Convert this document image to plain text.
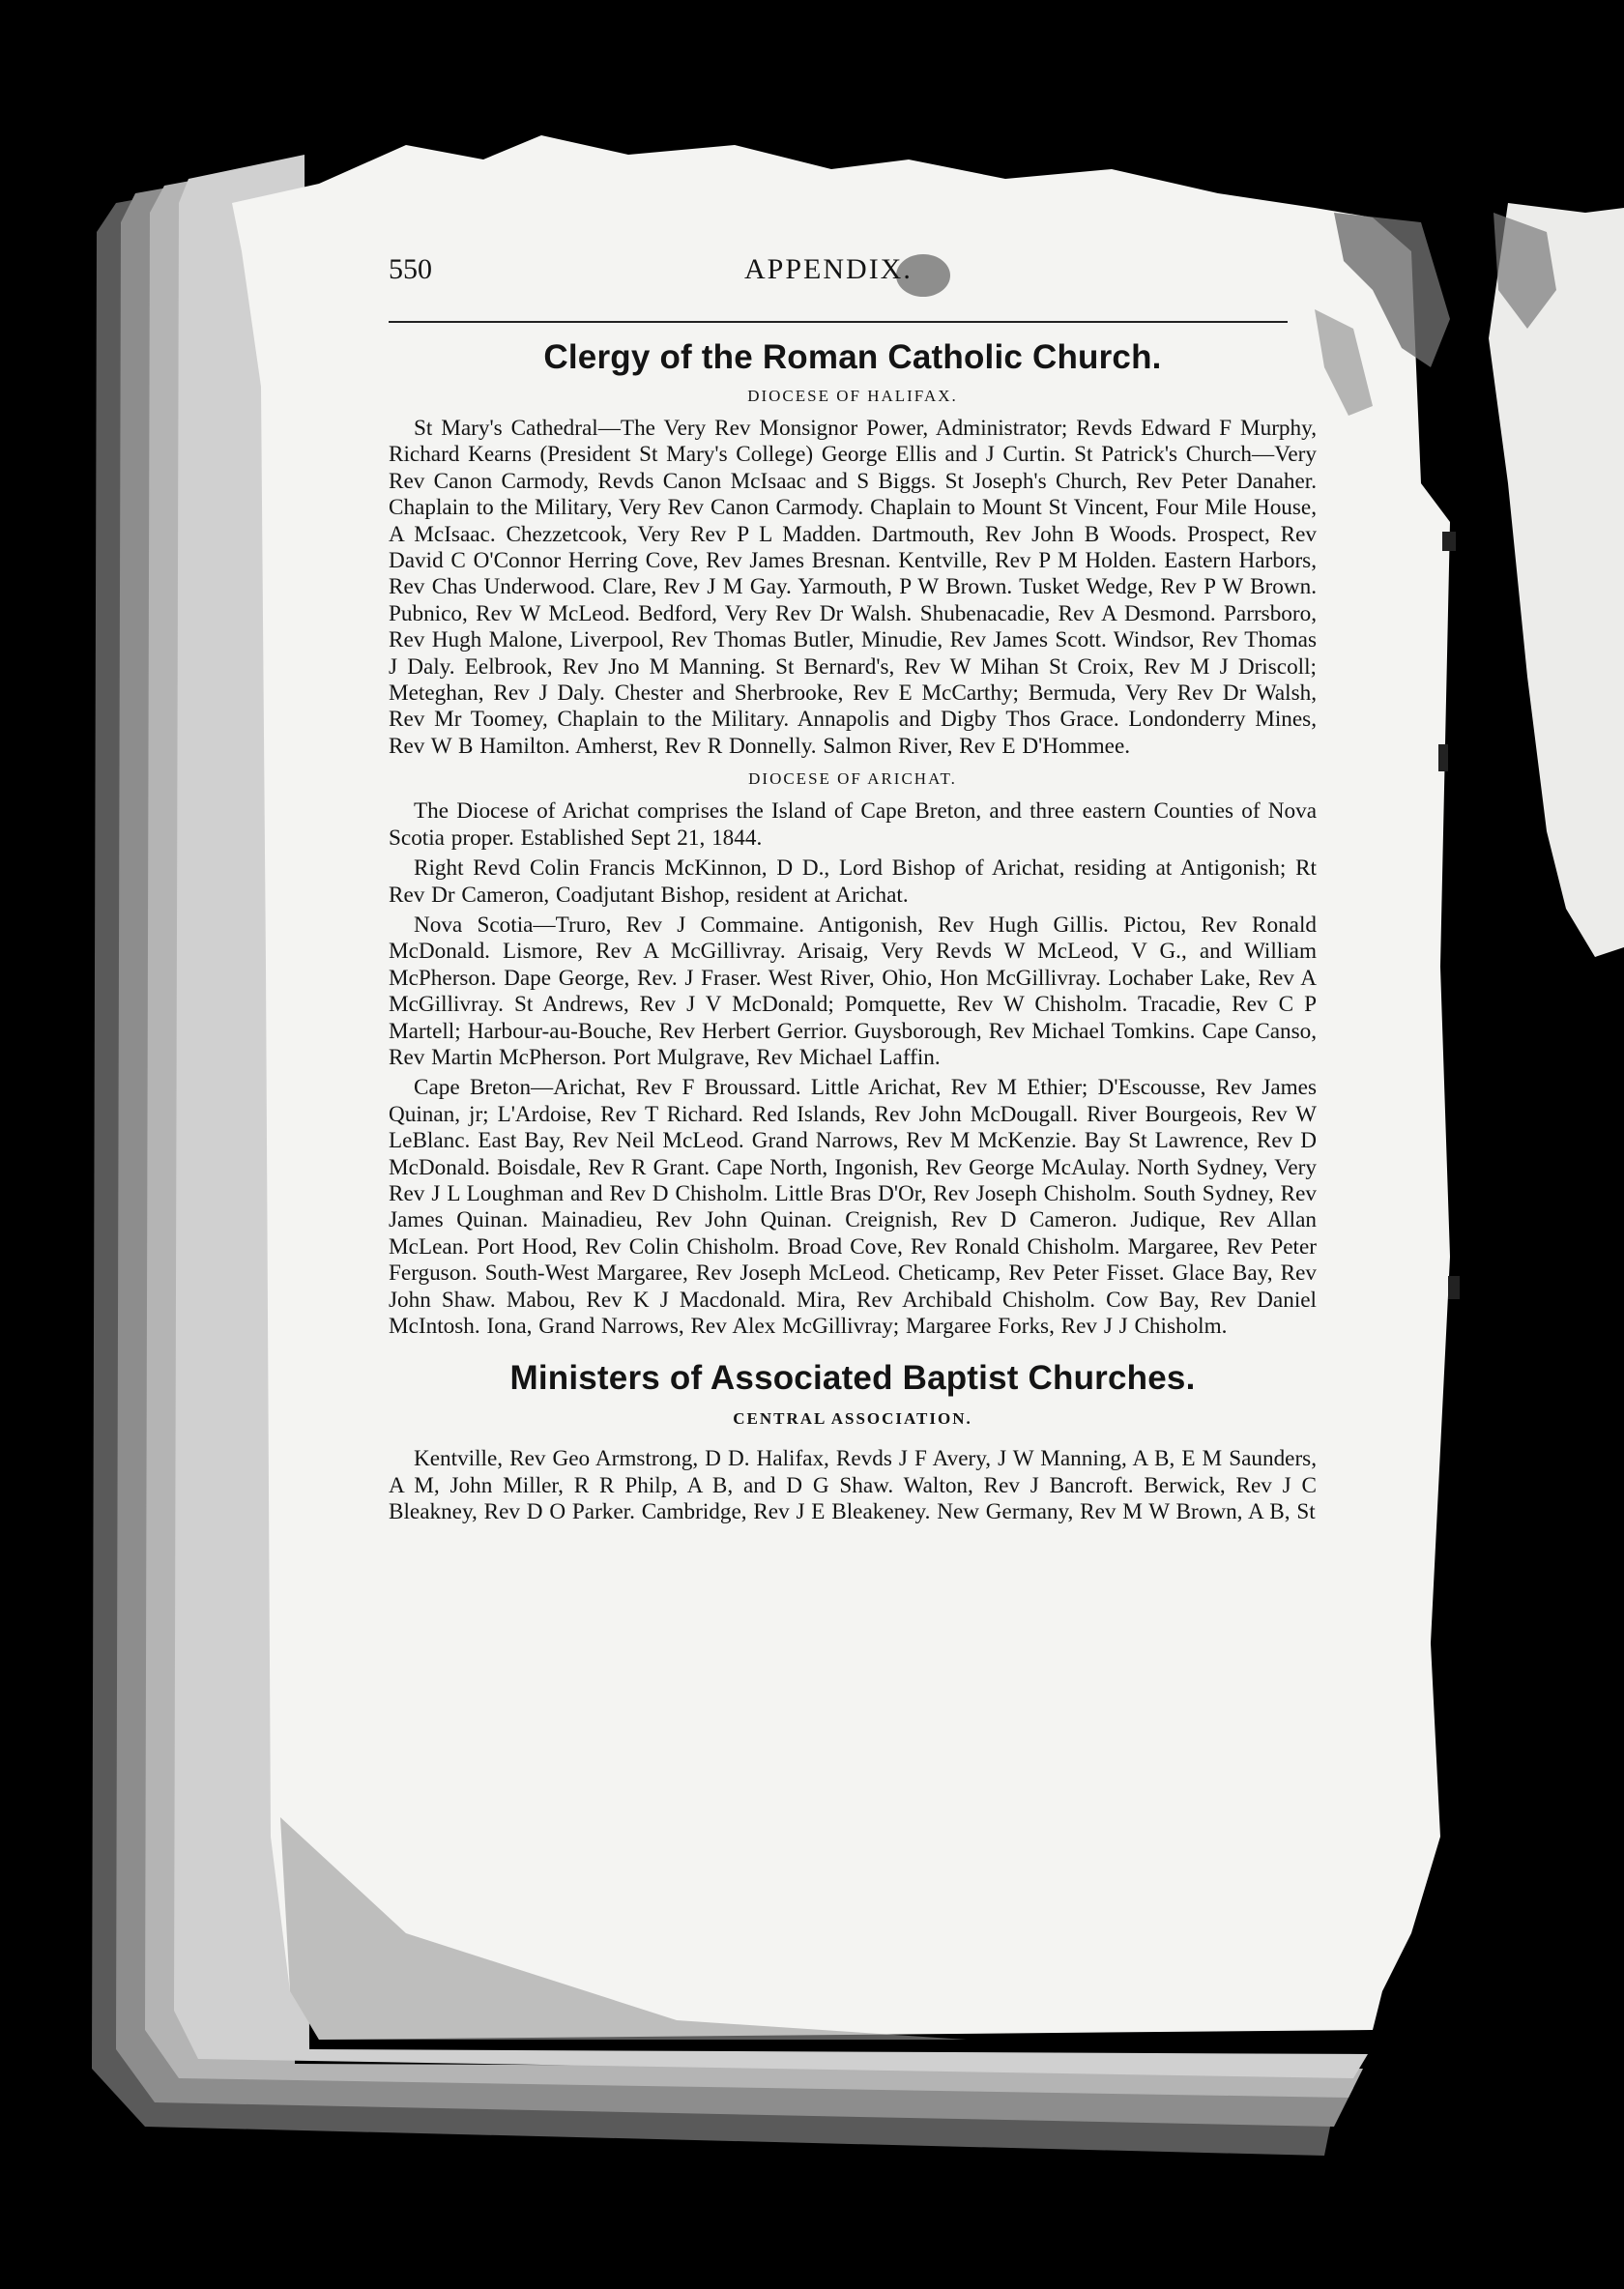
550	APPENDIX.
Clergy of the Roman Catholic Church.

DIOCESE OF HALIFAX.

St Mary's Cathedral—The Very Rev Monsignor Power, Administrator; Revds Edward F Murphy, Richard Kearns (President St Mary's College) George Ellis and J Curtin. St Patrick's Church—Very Rev Canon Carmody, Revds Canon McIsaac and S Biggs. St Joseph's Church, Rev Peter Danaher. Chaplain to the Military, Very Rev Canon Carmody. Chaplain to Mount St Vincent, Four Mile House, A McIsaac. Chezzetcook, Very Rev P L Madden. Dartmouth, Rev John B Woods. Prospect, Rev David C O'Connor Herring Cove, Rev James Bresnan. Kentville, Rev P M Holden. Eastern Harbors, Rev Chas Underwood. Clare, Rev J M Gay. Yarmouth, P W Brown. Tusket Wedge, Rev P W Brown. Pubnico, Rev W McLeod. Bedford, Very Rev Dr Walsh. Shubenacadie, Rev A Desmond. Parrsboro, Rev Hugh Malone, Liverpool, Rev Thomas Butler, Minudie, Rev James Scott. Windsor, Rev Thomas J Daly. Eelbrook, Rev Jno M Manning. St Bernard's, Rev W Mihan St Croix, Rev M J Driscoll; Meteghan, Rev J Daly. Chester and Sherbrooke, Rev E McCarthy; Bermuda, Very Rev Dr Walsh, Rev Mr Toomey, Chaplain to the Military. Annapolis and Digby Thos Grace. Londonderry Mines, Rev W B Hamilton. Amherst, Rev R Donnelly. Salmon River, Rev E D'Hommee.

DIOCESE OF ARICHAT.

The Diocese of Arichat comprises the Island of Cape Breton, and three eastern Counties of Nova Scotia proper. Established Sept 21, 1844.

Right Revd Colin Francis McKinnon, D D., Lord Bishop of Arichat, residing at Antigonish; Rt Rev Dr Cameron, Coadjutant Bishop, resident at Arichat.

Nova Scotia—Truro, Rev J Commaine. Antigonish, Rev Hugh Gillis. Pictou, Rev Ronald McDonald. Lismore, Rev A McGillivray. Arisaig, Very Revds W McLeod, V G., and William McPherson. Dape George, Rev. J Fraser. West River, Ohio, Hon McGillivray. Lochaber Lake, Rev A McGillivray. St Andrews, Rev J V McDonald; Pomquette, Rev W Chisholm. Tracadie, Rev C P Martell; Harbour-au-Bouche, Rev Herbert Gerrior. Guysborough, Rev Michael Tomkins. Cape Canso, Rev Martin McPherson. Port Mulgrave, Rev Michael Laffin.

Cape Breton—Arichat, Rev F Broussard. Little Arichat, Rev M Ethier; D'Escousse, Rev James Quinan, jr; L'Ardoise, Rev T Richard. Red Islands, Rev John McDougall. River Bourgeois, Rev W LeBlanc. East Bay, Rev Neil McLeod. Grand Narrows, Rev M McKenzie. Bay St Lawrence, Rev D McDonald. Boisdale, Rev R Grant. Cape North, Ingonish, Rev George McAulay. North Sydney, Very Rev J L Loughman and Rev D Chisholm. Little Bras D'Or, Rev Joseph Chisholm. South Sydney, Rev James Quinan. Mainadieu, Rev John Quinan. Creignish, Rev D Cameron. Judique, Rev Allan McLean. Port Hood, Rev Colin Chisholm. Broad Cove, Rev Ronald Chisholm. Margaree, Rev Peter Ferguson. South-West Margaree, Rev Joseph McLeod. Cheticamp, Rev Peter Fisset. Glace Bay, Rev John Shaw. Mabou, Rev K J Macdonald. Mira, Rev Archibald Chisholm. Cow Bay, Rev Daniel McIntosh. Iona, Grand Narrows, Rev Alex McGillivray; Margaree Forks, Rev J J Chisholm.

Ministers of Associated Baptist Churches.

CENTRAL ASSOCIATION.

Kentville, Rev Geo Armstrong, D D. Halifax, Revds J F Avery, J W Manning, A B, E M Saunders, A M, John Miller, R R Philp, A B, and D G Shaw. Walton, Rev J Bancroft. Berwick, Rev J C Bleakney, Rev D O Parker. Cambridge, Rev J E Bleakeney. New Germany, Rev M W Brown, A B, St
